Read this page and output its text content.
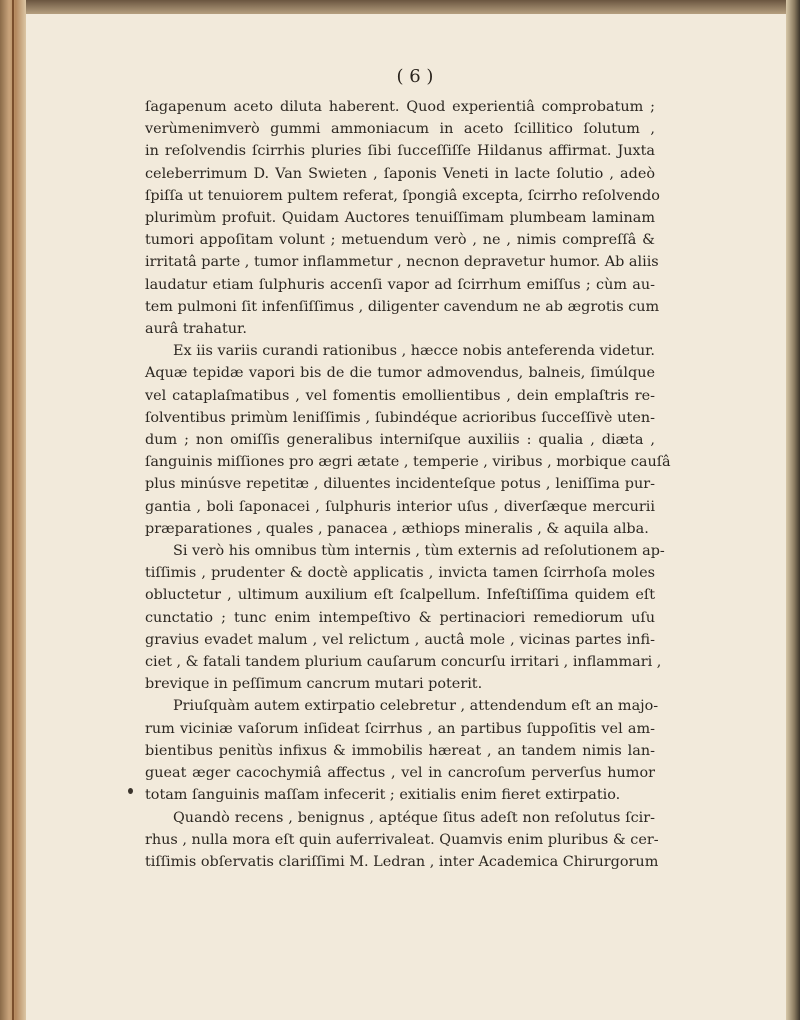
( 6 )
ſagapenum aceto diluta haberent. Quod experientiâ comprobatum ;
verùmenimverò gummi ammoniacum in aceto ſcilliticо ſolutum ,
in reſolvendis ſcirrhis pluries ſibi ſucceſſiſſe Hildanus affirmat. Juxta
celeberrimum D. Van Swieten , ſaponis Veneti in lacte ſolutio , adeò
ſpiſſa ut tenuiorem pultem referat, ſpongiâ excepta, ſcirrho reſolvendo
plurimùm profuit. Quidam Auctores tenuiſſimam plumbeam laminam
tumori appoſitam volunt ; metuendum verò , ne , nimis compreſſâ &
irritatâ parte , tumor inflammetur , necnon depravetur humor. Ab aliis
laudatur etiam ſulphuris accenſi vapor ad ſcirrhum emiſſus ; cùm au-
tem pulmoni ſit infenſiſſimus , diligenter cavendum ne ab ægrotis cum
aurâ trahatur.
Ex iis variis curandi rationibus , hæcce nobis anteferenda videtur.
Aquæ tepidæ vapori bis de die tumor admovendus, balneis, ſimúlque
vel cataplaſmatibus , vel fomentis emollientibus , dein emplaſtris re-
ſolventibus primùm leniſſimis , ſubindéque acrioribus ſucceſſivè uten-
dum ; non omiſſis generalibus interniſque auxiliis : qualia , diæta ,
ſanguinis miſſiones pro ægri ætate , temperie , viribus , morbique cauſâ
plus minúsve repetitæ , diluentes incidenteſque potus , leniſſima pur-
gantia , boli ſaponacei , ſulphuris interior uſus , diverſæque mercurii
præparationes , quales , panacea , æthiops mineralis , & aquila alba.
Si verò his omnibus tùm internis , tùm externis ad reſolutionem ap-
tiſſimis , prudenter & doctè applicatis , invicta tamen ſcirrhoſa moles
obluctetur , ultimum auxilium eſt ſcalpellum. Infeſtiſſima quidem eſt
cunctatio ; tunc enim intempeſtivo & pertinaciori remediorum uſu
gravius evadet malum , vel relictum , auctâ mole , vicinas partes infi-
ciet , & fatali tandem plurium cauſarum concurſu irritari , inflammari ,
brevique in peſſimum cancrum mutari poterit.
Priuſquàm autem extirpatio celebretur , attendendum eſt an majo-
rum viciniæ vaſorum inſideat ſcirrhus , an partibus ſuppoſitis vel am-
bientibus penitùs infixus & immobilis hæreat , an tandem nimis lan-
gueat æger cacochymiâ affectus , vel in cancroſum perverſus humor
totam ſanguinis maſſam infecerit ; exitialis enim fieret extirpatio.
Quandò recens , benignus , aptéque ſitus adeſt non reſolutus ſcir-
rhus , nulla mora eſt quin auferrivaleat. Quamvis enim pluribus & cer-
tiſſimis obſervatis clariſſimi M. Ledran , inter Academica Chirurgorum
